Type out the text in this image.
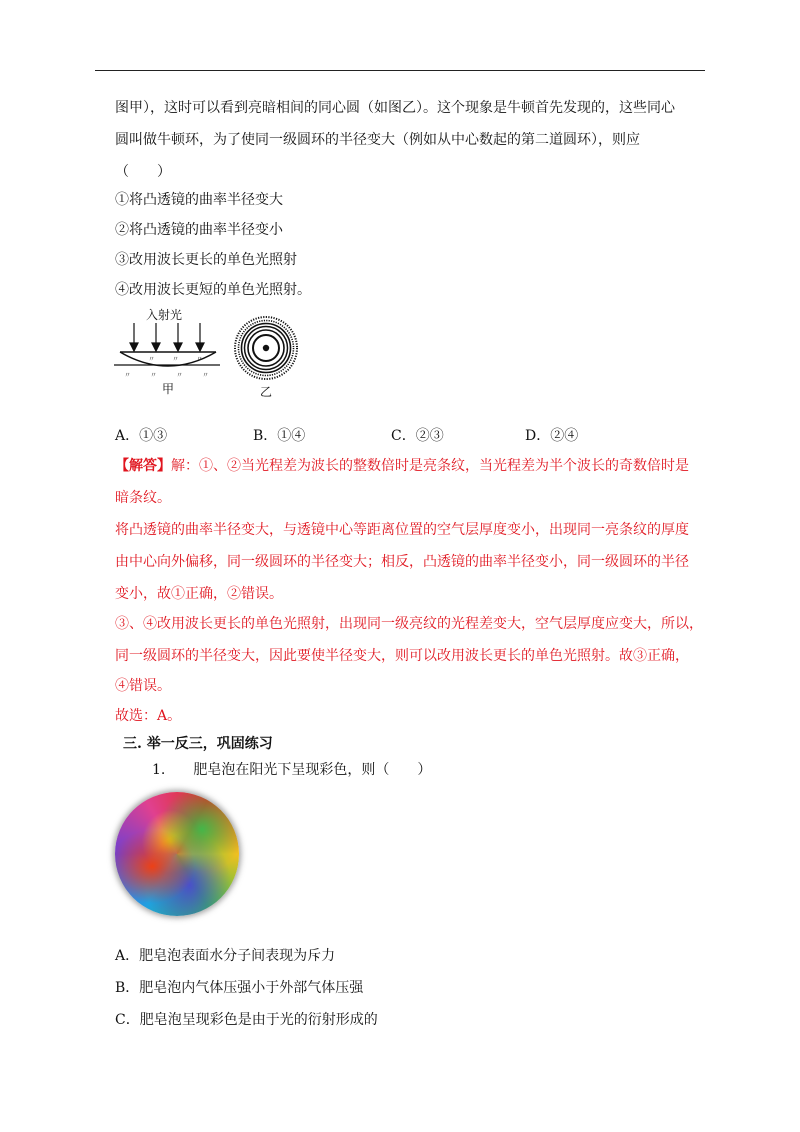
图甲），这时可以看到亮暗相间的同心圆（如图乙）。这个现象是牛顿首先发现的，这些同心
圆叫做牛顿环，为了使同一级圆环的半径变大（例如从中心数起的第二道圆环），则应
（　　）
①将凸透镜的曲率半径变大
②将凸透镜的曲率半径变小
③改用波长更长的单色光照射
④改用波长更短的单色光照射。
入射光
〃 〃 〃
〃	〃	〃	〃
甲	乙
A．①③	B．①④	C．②③	D．②④
【解答】解：①、②当光程差为波长的整数倍时是亮条纹，当光程差为半个波长的奇数倍时是
暗条纹。
将凸透镜的曲率半径变大，与透镜中心等距离位置的空气层厚度变小，出现同一亮条纹的厚度
由中心向外偏移，同一级圆环的半径变大；相反，凸透镜的曲率半径变小，同一级圆环的半径
变小，故①正确，②错误。
③、④改用波长更长的单色光照射，出现同一级亮纹的光程差变大，空气层厚度应变大，所以，
同一级圆环的半径变大，因此要使半径变大，则可以改用波长更长的单色光照射。故③正确，
④错误。
故选：A。
三. 举一反三，巩固练习
1.　　肥皂泡在阳光下呈现彩色，则（　　）
A．肥皂泡表面水分子间表现为斥力
B．肥皂泡内气体压强小于外部气体压强
C．肥皂泡呈现彩色是由于光的衍射形成的
